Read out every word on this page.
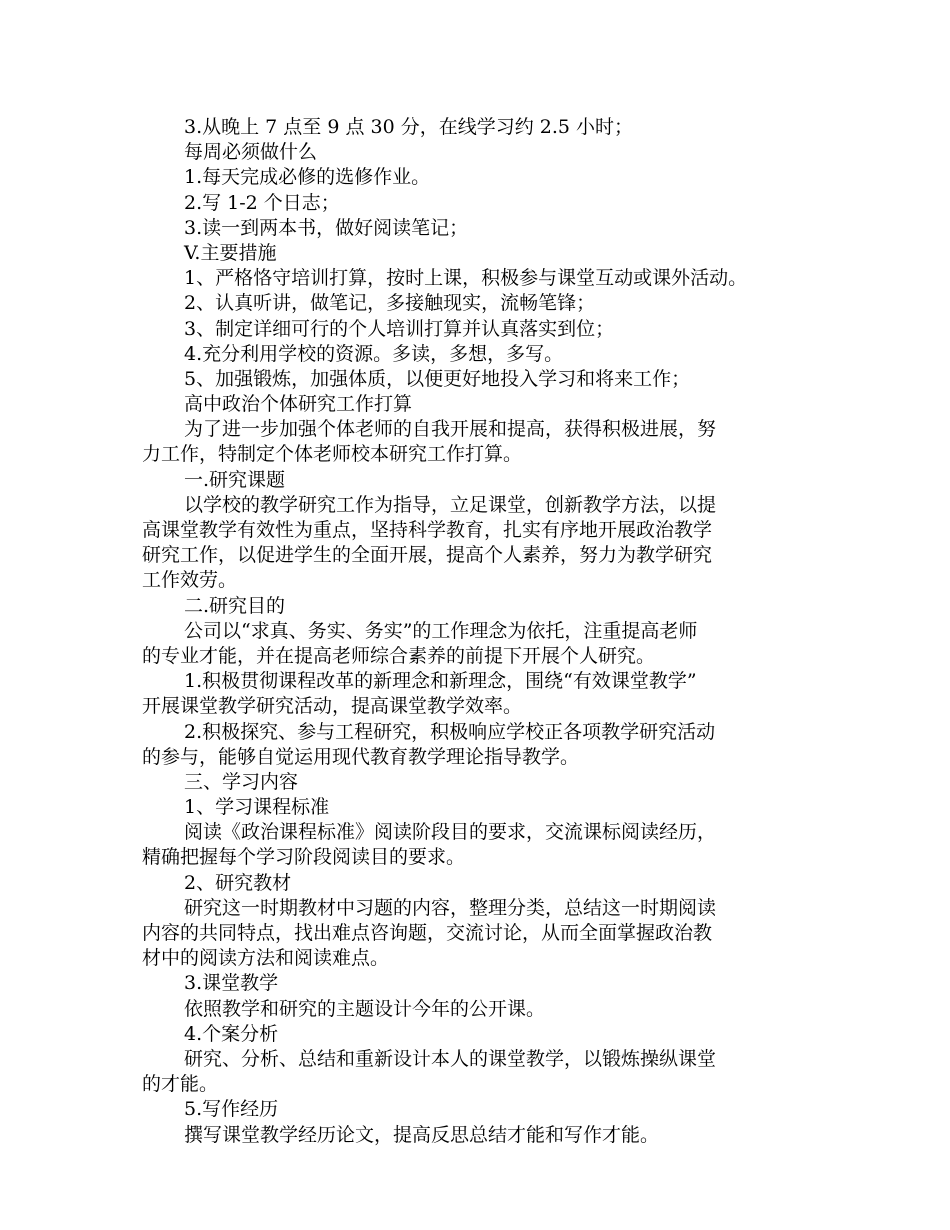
3.从晚上 7 点至 9 点 30 分，在线学习约 2.5 小时；
每周必须做什么
1.每天完成必修的选修作业。
2.写 1-2 个日志；
3.读一到两本书，做好阅读笔记；
V.主要措施
1、严格恪守培训打算，按时上课，积极参与课堂互动或课外活动。
2、认真听讲，做笔记，多接触现实，流畅笔锋；
3、制定详细可行的个人培训打算并认真落实到位；
4.充分利用学校的资源。多读，多想，多写。
5、加强锻炼，加强体质，以便更好地投入学习和将来工作；
高中政治个体研究工作打算
为了进一步加强个体老师的自我开展和提高，获得积极进展，努
力工作，特制定个体老师校本研究工作打算。
一.研究课题
以学校的教学研究工作为指导，立足课堂，创新教学方法，以提
高课堂教学有效性为重点，坚持科学教育，扎实有序地开展政治教学
研究工作，以促进学生的全面开展，提高个人素养，努力为教学研究
工作效劳。
二.研究目的
公司以“求真、务实、务实”的工作理念为依托，注重提高老师
的专业才能，并在提高老师综合素养的前提下开展个人研究。
1.积极贯彻课程改革的新理念和新理念，围绕“有效课堂教学”
开展课堂教学研究活动，提高课堂教学效率。
2.积极探究、参与工程研究，积极响应学校正各项教学研究活动
的参与，能够自觉运用现代教育教学理论指导教学。
三、学习内容
1、学习课程标准
阅读《政治课程标准》阅读阶段目的要求，交流课标阅读经历，
精确把握每个学习阶段阅读目的要求。
2、研究教材
研究这一时期教材中习题的内容，整理分类，总结这一时期阅读
内容的共同特点，找出难点咨询题，交流讨论，从而全面掌握政治教
材中的阅读方法和阅读难点。
3.课堂教学
依照教学和研究的主题设计今年的公开课。
4.个案分析
研究、分析、总结和重新设计本人的课堂教学，以锻炼操纵课堂
的才能。
5.写作经历
撰写课堂教学经历论文，提高反思总结才能和写作才能。
